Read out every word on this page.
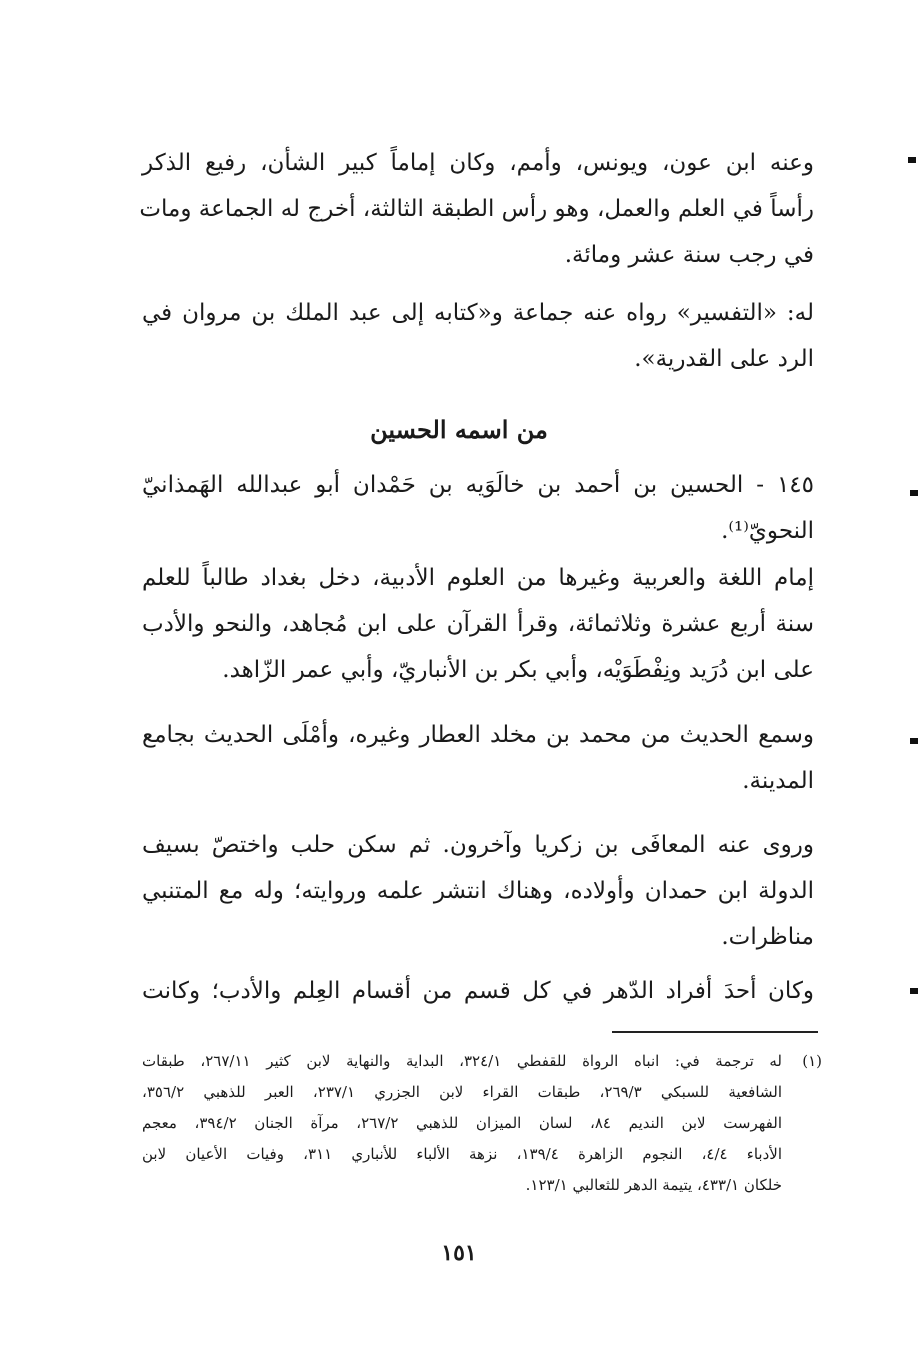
وعنه ابن عون، ويونس، وأمم، وكان إماماً كبير الشأن، رفيع الذكر
رأساً في العلم والعمل، وهو رأس الطبقة الثالثة، أخرج له الجماعة ومات
في رجب سنة عشر ومائة.
له: «التفسير» رواه عنه جماعة و«كتابه إلى عبد الملك بن مروان في
الرد على القدرية».
من اسمه الحسين
١٤٥ - الحسين بن أحمد بن خالَوَيه بن حَمْدان أبو عبدالله الهَمذانيّ
النحويّ⁽¹⁾.
إمام اللغة والعربية وغيرها من العلوم الأدبية، دخل بغداد طالباً للعلم
سنة أربع عشرة وثلاثمائة، وقرأ القرآن على ابن مُجاهد، والنحو والأدب
على ابن دُرَيد ونِفْطَوَيْه، وأبي بكر بن الأنباريّ، وأبي عمر الزّاهد.
وسمع الحديث من محمد بن مخلد العطار وغيره، وأمْلَى الحديث بجامع
المدينة.
وروى عنه المعافَى بن زكريا وآخرون. ثم سكن حلب واختصّ بسيف
الدولة ابن حمدان وأولاده، وهناك انتشر علمه وروايته؛ وله مع المتنبي
مناظرات.
وكان أحدَ أفراد الدّهر في كل قسم من أقسام العِلم والأدب؛ وكانت
(١)
له ترجمة في: انباه الرواة للقفطي ٣٢٤/١، البداية والنهاية لابن كثير ٢٦٧/١١، طبقات
الشافعية للسبكي ٢٦٩/٣، طبقات القراء لابن الجزري ٢٣٧/١، العبر للذهبي ٣٥٦/٢،
الفهرست لابن النديم ٨٤، لسان الميزان للذهبي ٢٦٧/٢، مرآة الجنان ٣٩٤/٢، معجم
الأدباء ٤/٤، النجوم الزاهرة ١٣٩/٤، نزهة الألباء للأنباري ٣١١، وفيات الأعيان لابن
خلكان ٤٣٣/١، يتيمة الدهر للثعالبي ١٢٣/١.
١٥١
